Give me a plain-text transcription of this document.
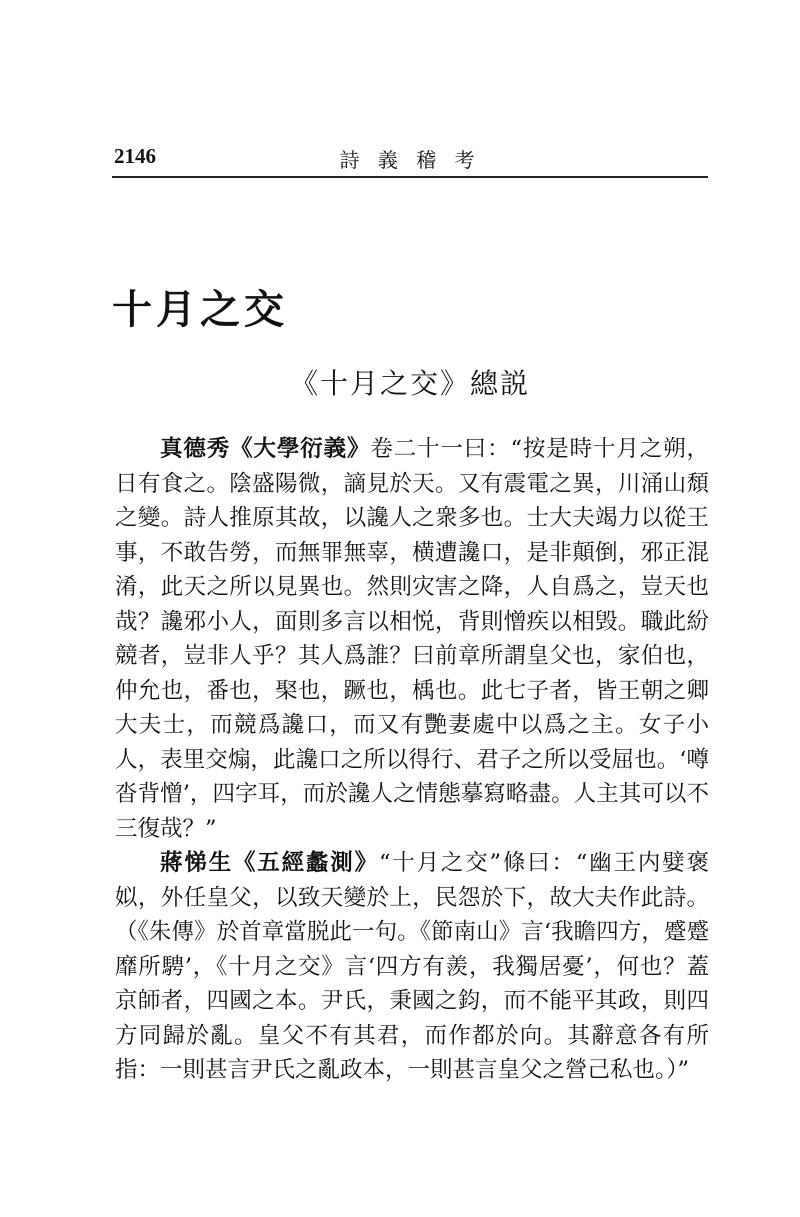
2146	詩 義 稽 考
十月之交
《十月之交》總説

真德秀《大學衍義》卷二十一曰：“按是時十月之朔，日有食之。陰盛陽微，謫見於天。又有震電之異，川涌山頹之變。詩人推原其故，以讒人之衆多也。士大夫竭力以從王事，不敢告勞，而無罪無辜，横遭讒口，是非顛倒，邪正混淆，此天之所以見異也。然則灾害之降，人自爲之，豈天也哉？讒邪小人，面則多言以相悦，背則憎疾以相毁。職此紛競者，豈非人乎？其人爲誰？曰前章所謂皇父也，家伯也，仲允也，番也，棸也，蹶也，楀也。此七子者，皆王朝之卿大夫士，而競爲讒口，而又有艷妻處中以爲之主。女子小人，表里交煽，此讒口之所以得行、君子之所以受屈也。‘噂沓背憎’，四字耳，而於讒人之情態摹寫略盡。人主其可以不三復哉？”

蔣悌生《五經蠡測》“十月之交”條曰：“幽王内嬖褒姒，外任皇父，以致天變於上，民怨於下，故大夫作此詩。（《朱傳》於首章當脱此一句。《節南山》言‘我瞻四方，蹙蹙靡所騁’，《十月之交》言‘四方有羨，我獨居憂’，何也？蓋京師者，四國之本。尹氏，秉國之鈞，而不能平其政，則四方同歸於亂。皇父不有其君，而作都於向。其辭意各有所指：一則甚言尹氏之亂政本，一則甚言皇父之營己私也。）”
